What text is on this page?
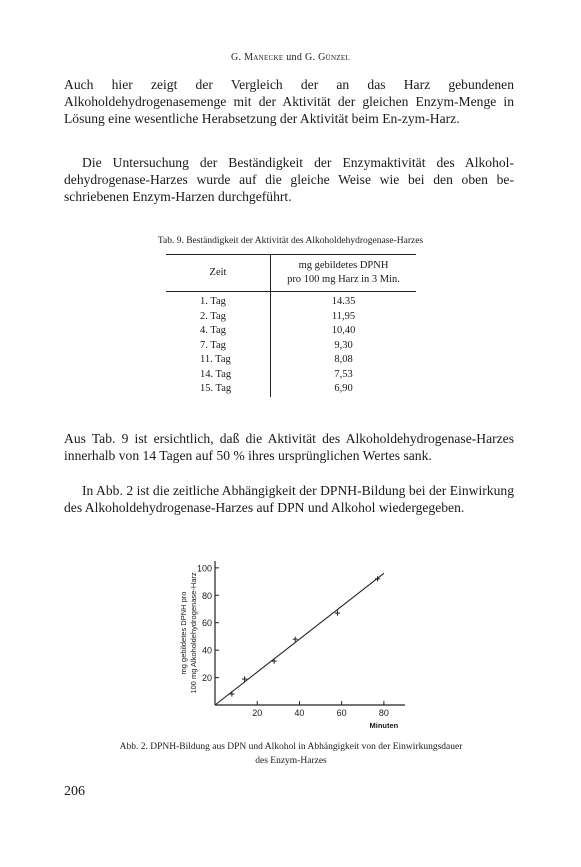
G. Manecke und G. Günzel

Auch hier zeigt der Vergleich der an das Harz gebundenen Alkoholdehydrogenasemenge mit der Aktivität der gleichen Enzym-Menge in Lösung eine wesentliche Herabsetzung der Aktivität beim En-zym-Harz.

Die Untersuchung der Beständigkeit der Enzymaktivität des Alkohol-dehydrogenase-Harzes wurde auf die gleiche Weise wie bei den oben be-schriebenen Enzym-Harzen durchgeführt.

Tab. 9. Beständigkeit der Aktivität des Alkoholdehydrogenase-Harzes
Zeit	mg gebildetes DPNH
pro 100 mg Harz in 3 Min.

1. Tag	14.35
2. Tag	11,95
4. Tag	10,40
7. Tag	9,30
11. Tag	8,08
14. Tag	7,53
15. Tag	6,90

Aus Tab. 9 ist ersichtlich, daß die Aktivität des Alkoholdehydrogenase-Harzes innerhalb von 14 Tagen auf 50 % ihres ursprünglichen Wertes sank.

In Abb. 2 ist die zeitliche Abhängigkeit der DPNH-Bildung bei der Einwirkung des Alkoholdehydrogenase-Harzes auf DPN und Alkohol wiedergegeben.

20
40
60
80
100
20	40	60	80
Minuten
mg gebildetes DPNH pro 100 mg Alkoholdehydrogenase-Harz
Abb. 2. DPNH-Bildung aus DPN und Alkohol in Abhängigkeit von der Einwirkungsdauer
des Enzym-Harzes
206
